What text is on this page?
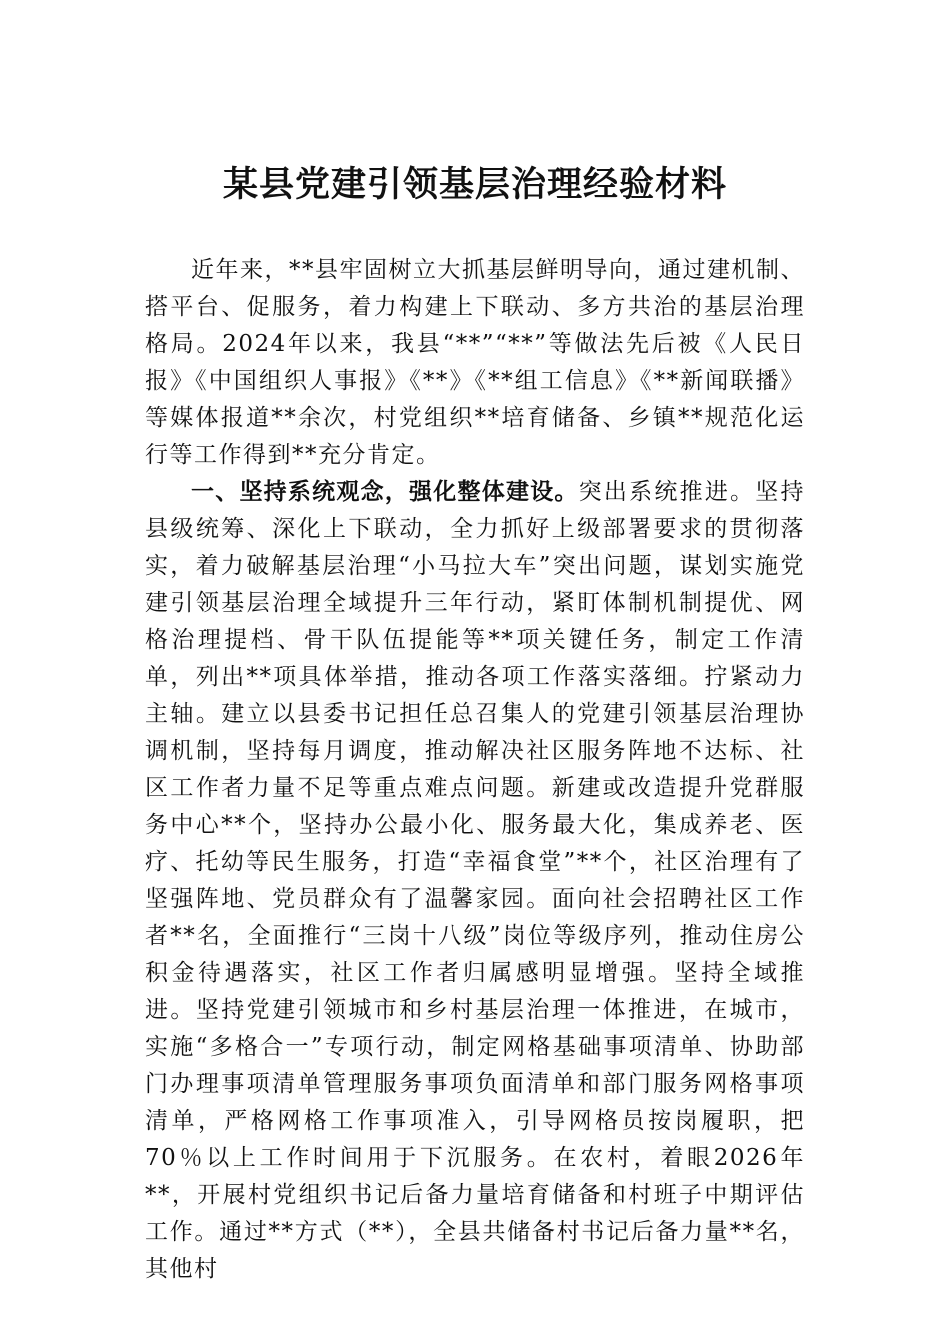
某县党建引领基层治理经验材料

近年来，**县牢固树立大抓基层鲜明导向，通过建机制、搭平台、促服务，着力构建上下联动、多方共治的基层治理格局。2024年以来，我县“**”“**”等做法先后被《人民日报》《中国组织人事报》《**》《**组工信息》《**新闻联播》等媒体报道**余次，村党组织**培育储备、乡镇**规范化运行等工作得到**充分肯定。

一、坚持系统观念，强化整体建设。突出系统推进。坚持县级统筹、深化上下联动，全力抓好上级部署要求的贯彻落实，着力破解基层治理“小马拉大车”突出问题，谋划实施党建引领基层治理全域提升三年行动，紧盯体制机制提优、网格治理提档、骨干队伍提能等**项关键任务，制定工作清单，列出**项具体举措，推动各项工作落实落细。拧紧动力主轴。建立以县委书记担任总召集人的党建引领基层治理协调机制，坚持每月调度，推动解决社区服务阵地不达标、社区工作者力量不足等重点难点问题。新建或改造提升党群服务中心**个，坚持办公最小化、服务最大化，集成养老、医疗、托幼等民生服务，打造“幸福食堂”**个，社区治理有了坚强阵地、党员群众有了温馨家园。面向社会招聘社区工作者**名，全面推行“三岗十八级”岗位等级序列，推动住房公积金待遇落实，社区工作者归属感明显增强。坚持全域推进。坚持党建引领城市和乡村基层治理一体推进，在城市，实施“多格合一”专项行动，制定网格基础事项清单、协助部门办理事项清单管理服务事项负面清单和部门服务网格事项清单，严格网格工作事项准入，引导网格员按岗履职，把70％以上工作时间用于下沉服务。在农村，着眼2026年**，开展村党组织书记后备力量培育储备和村班子中期评估工作。通过**方式（**），全县共储备村书记后备力量**名，其他村
